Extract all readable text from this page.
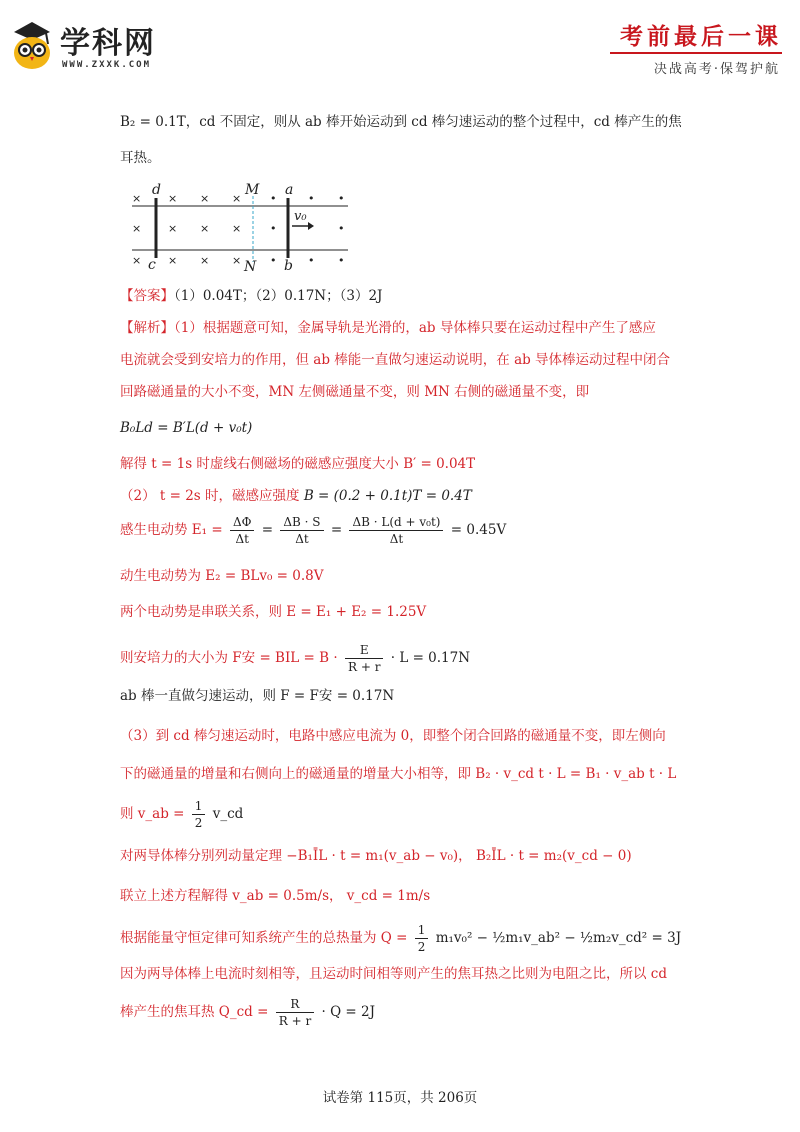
学科网
WWW.ZXXK.COM
考前最后一课
决战高考·保驾护航
B₂ = 0.1T，cd 不固定，则从 ab 棒开始运动到 cd 棒匀速运动的整个过程中，cd 棒产生的焦
耳热。
d
c
M
N
a
b
v₀
× × × ×
× × × ×
× × × ×
•	• •
•	•
•	• •
【答案】（1）0.04T；（2）0.17N；（3）2J
【解析】（1）根据题意可知，金属导轨是光滑的，ab 导体棒只要在运动过程中产生了感应
电流就会受到安培力的作用，但 ab 棒能一直做匀速运动说明，在 ab 导体棒运动过程中闭合
回路磁通量的大小不变，MN 左侧磁通量不变，则 MN 右侧的磁通量不变，即
B₀Ld = B′L(d + v₀t)
解得 t = 1s 时虚线右侧磁场的磁感应强度大小 B′ = 0.04T
（2） t = 2s 时，磁感应强度 B = (0.2 + 0.1t)T = 0.4T
感生电动势 $E_1 = \frac{\Delta\Phi}{\Delta t} = \frac{\Delta B \cdot S}{\Delta t} = \frac{\text{ΔB · L(d + v₀t)}}{\Delta t} = 0.45V$
动生电动势为 E₂ = BLv₀ = 0.8V
两个电动势是串联关系，则 E = E₁ + E₂ = 1.25V
则安培力的大小为 F安 = BIL = $B \cdot \frac{E}{R + r} \cdot L = 0.17N$
ab 棒一直做匀速运动，则 F = F安 = 0.17N
（3）到 cd 棒匀速运动时，电路中感应电流为 0，即整个闭合回路的磁通量不变，即左侧向
下的磁通量的增量和右侧向上的磁通量的增量大小相等，即 B₂ · v_cd t · L = B₁ · v_ab t · L
则 v_ab = $\frac{1}{2}$ v_cd
对两导体棒分别列动量定理 −B₁ĪL · t = m₁(v_ab − v₀)， B₂ĪL · t = m₂(v_cd − 0)
联立上述方程解得 v_ab = 0.5m/s， v_cd = 1m/s
根据能量守恒定律可知系统产生的总热量为 $Q = \frac{1}{2} m_1v_0^2$ − ½m₁v_ab² − ½m₂v_cd² = 3J
因为两导体棒上电流时刻相等，且运动时间相等则产生的焦耳热之比则为电阻之比，所以 cd
棒产生的焦耳热 Q_cd = $\frac{R}{R + r} \cdot Q = 2J$
试卷第 115页，共 206页
